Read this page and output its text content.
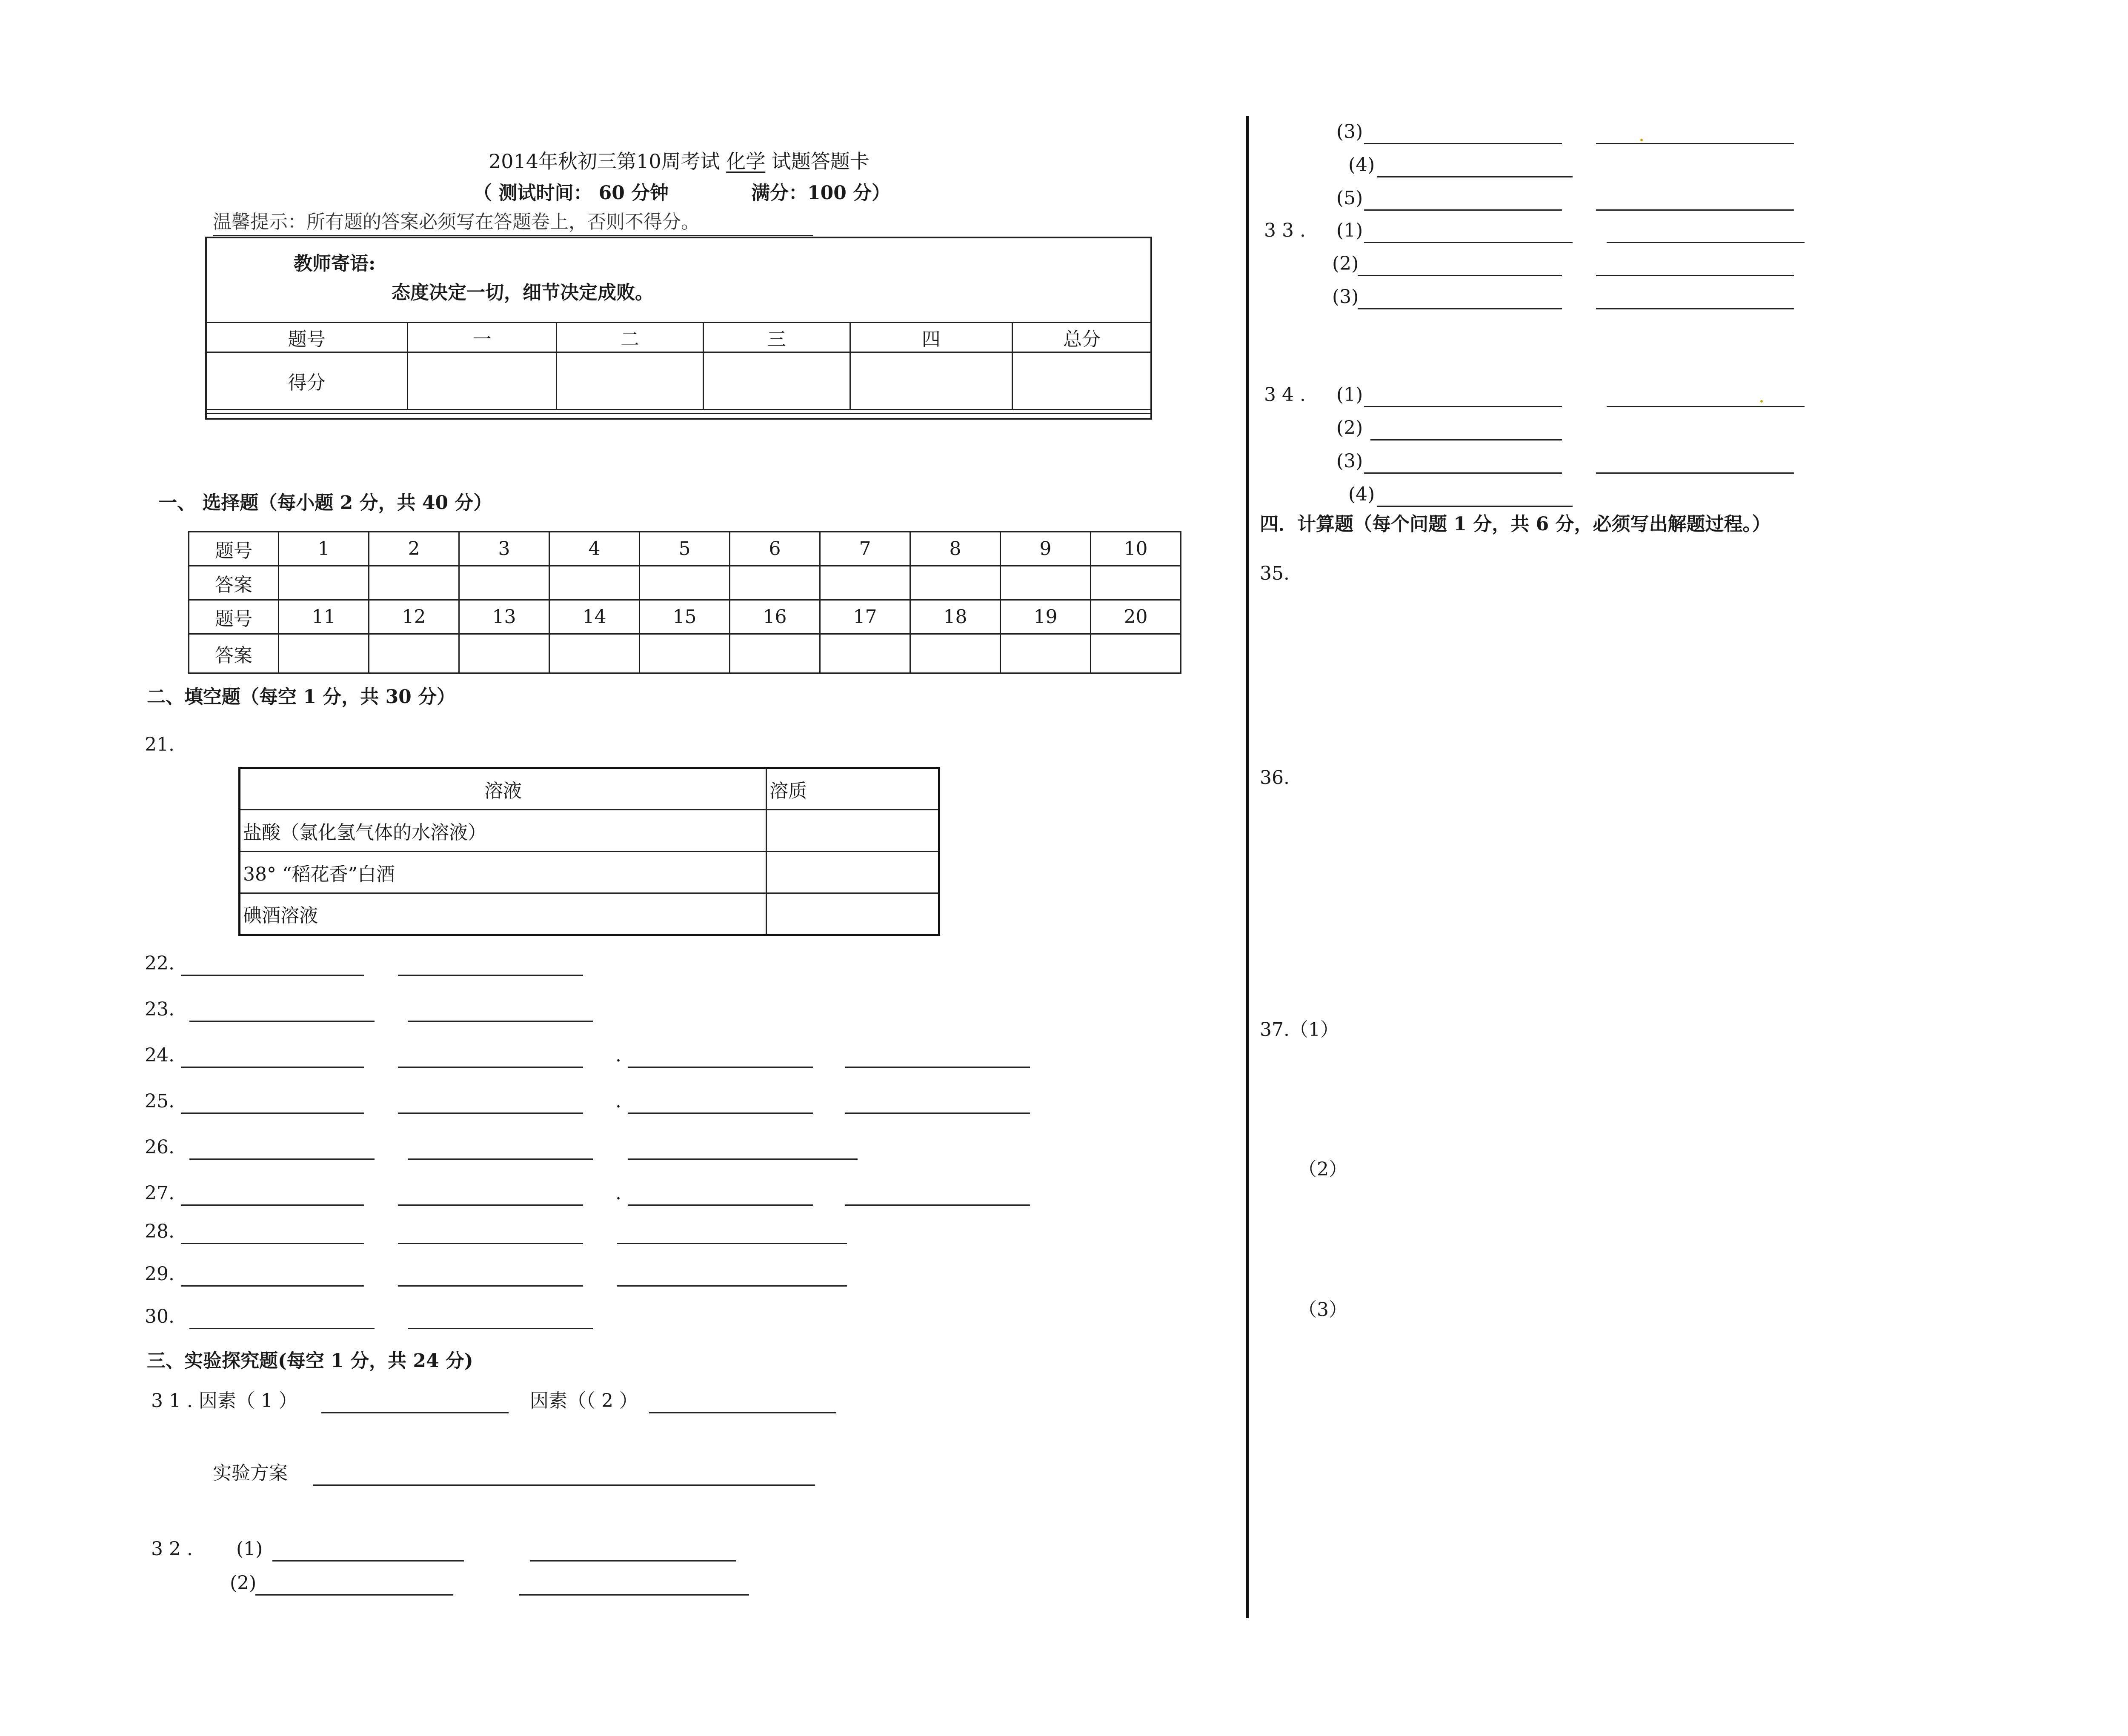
2014年秋初三第10周考试 化学 试题答题卡
（ 测试时间： 60 分钟	满分：100 分）
温馨提示：所有题的答案必须写在答题卷上，否则不得分。
教师寄语:
态度决定一切，细节决定成败。
题号	一	二	三	四	总分
得分					
一、 选择题（每小题 2 分，共 40 分）
题号	1	2	3	4	5	6	7	8	9	10
答案										
题号	11	12	13	14	15	16	17	18	19	20
答案										
二、填空题（每空 1 分，共 30 分）
21.
溶液	溶质
盐酸（氯化氢气体的水溶液）	
38° “稻花香”白酒	
碘酒溶液	
22.
23.
24.	.
25.	.
26.
27.	.
28.
29.
30.
三、实验探究题(每空 1 分，共 24 分)
3 1 . 因素（ 1 ）	因素（（ 2 ）
实验方案
3 2 . (1)
(2)
(3)
(4)
(5)
3 3 . (1)
(2)
(3)
3 4 . (1)
(2)
(3)
(4)
四．计算题（每个问题 1 分，共 6 分，必须写出解题过程。）
35.
36.
37.（1）
（2）
（3）
